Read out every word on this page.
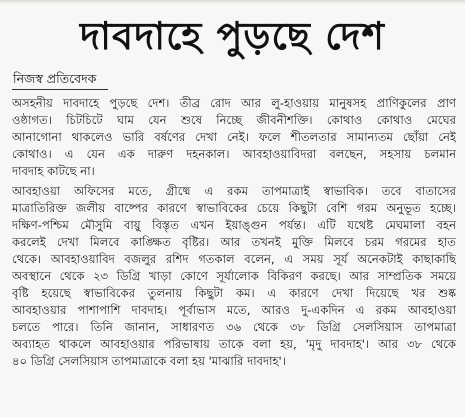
দাবদাহে পুড়ছে দেশ
নিজস্ব প্রতিবেদক

অসহনীয় দাবদাহে পুড়ছে দেশ। তীব্র রোদ আর লু-হাওয়ায় মানুষসহ প্রাণিকুলের প্রাণ
ওষ্ঠাগত। চিটচিটে ঘাম যেন শুষে নিচ্ছে জীবনীশক্তি। কোথাও কোথাও মেঘের
আনাগোনা থাকলেও ভারি বর্ষণের দেখা নেই। ফলে শীতলতার সামান্যতম ছোঁয়া নেই
কোথাও। এ যেন এক দারুণ দহনকাল। আবহাওয়াবিদরা বলছেন, সহসায় চলমান
দাবদাহ কাটছে না।

আবহাওয়া অফিসের মতে, গ্রীষ্মে এ রকম তাপমাত্রাই স্বাভাবিক। তবে বাতাসের
মাত্রাতিরিক্ত জলীয় বাষ্পের কারণে স্বাভাবিকের চেয়ে কিছুটা বেশি গরম অনুভূত হচ্ছে।
দক্ষিণ-পশ্চিম মৌসুমি বায়ু বিস্তৃত এখন ইয়াঙ্গুন পর্যন্ত। এটি যথেষ্ট মেঘমালা বহন
করলেই দেখা মিলবে কাঙ্ক্ষিত বৃষ্টির। আর তখনই মুক্তি মিলবে চরম গরমের হাত
থেকে। আবহাওয়াবিদ বজলুর রশিদ গতকাল বলেন, এ সময় সূর্য অনেকটাই কাছাকাছি
অবস্থানে থেকে ২৩ ডিগ্রি খাড়া কোণে সূর্যালোক বিকিরণ করছে। আর সাম্প্রতিক সময়ে
বৃষ্টি হয়েছে স্বাভাবিকের তুলনায় কিছুটা কম। এ কারণে দেখা দিয়েছে খর শুষ্ক
আবহাওয়ার পাশাপাশি দাবদাহ। পূর্বাভাস মতে, আরও দু-একদিন এ রকম আবহাওয়া
চলতে পারে। তিনি জানান, সাধারণত ৩৬ থেকে ৩৮ ডিগ্রি সেলসিয়াস তাপমাত্রা
অব্যাহত থাকলে আবহাওয়ার পরিভাষায় তাকে বলা হয়, 'মৃদু দাবদাহ'। আর ৩৮ থেকে
৪০ ডিগ্রি সেলসিয়াস তাপমাত্রাকে বলা হয় 'মাঝারি দাবদাহ'।
